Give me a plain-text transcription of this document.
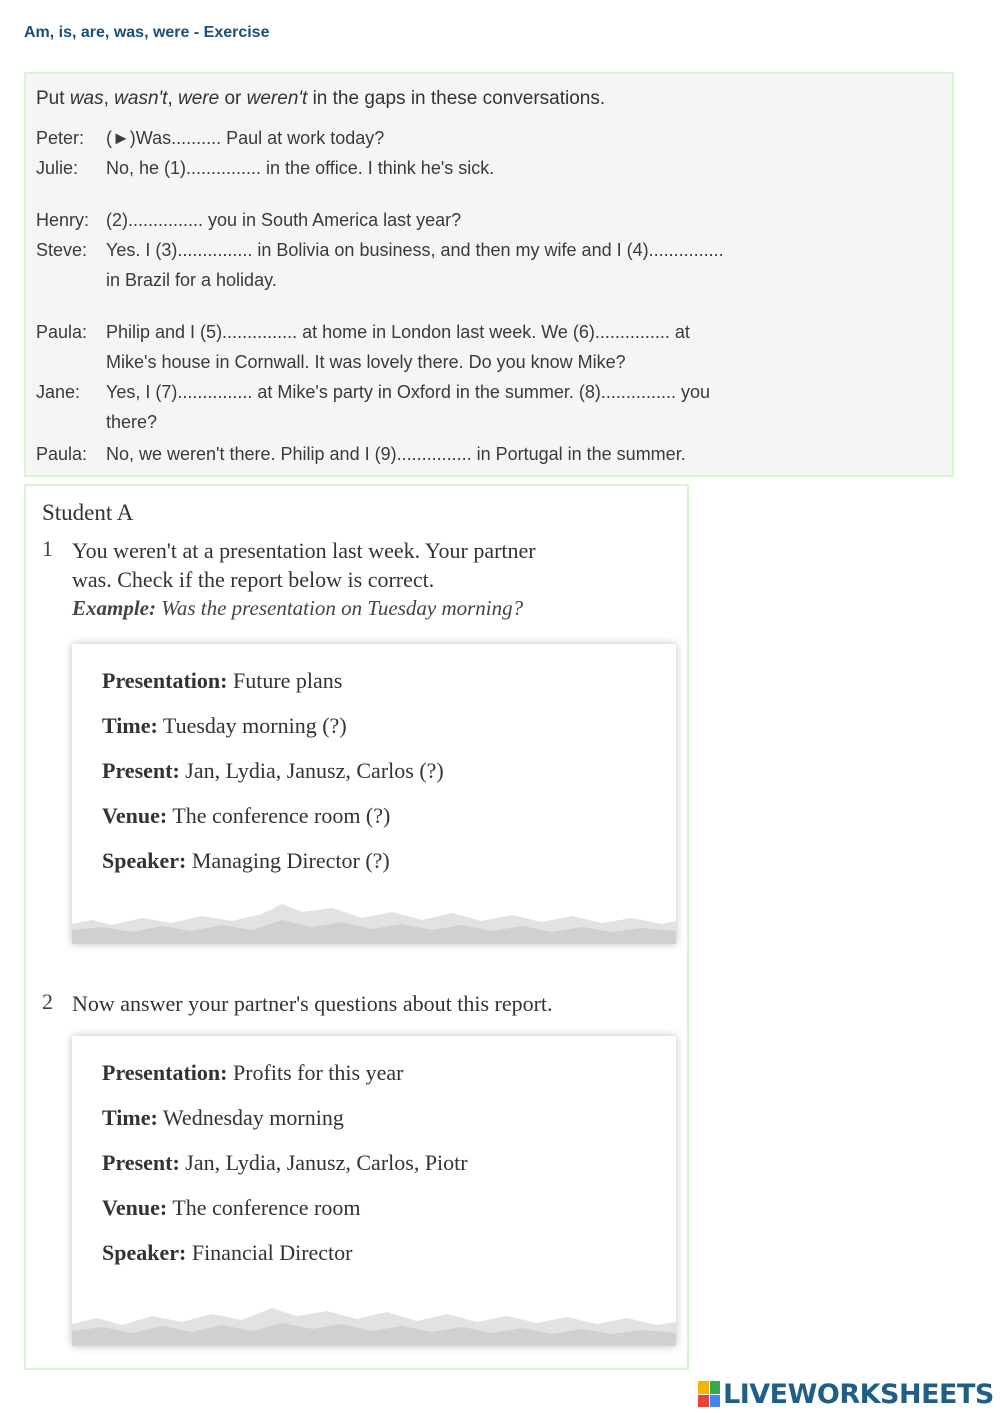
Am, is, are, was, were - Exercise
Put was, wasn't, were or weren't in the gaps in these conversations.
Peter: (►)Was.......... Paul at work today?
Julie: No, he (1)............... in the office. I think he's sick.
Henry: (2)............... you in South America last year?
Steve: Yes. I (3)............... in Bolivia on business, and then my wife and I (4)...............
in Brazil for a holiday.
Paula: Philip and I (5)............... at home in London last week. We (6)............... at
Mike's house in Cornwall. It was lovely there. Do you know Mike?
Jane: Yes, I (7)............... at Mike's party in Oxford in the summer. (8)............... you
there?
Paula: No, we weren't there. Philip and I (9)............... in Portugal in the summer.
Student A
1 You weren't at a presentation last week. Your partner
was. Check if the report below is correct.
Example: Was the presentation on Tuesday morning?
Presentation: Future plans
Time: Tuesday morning (?)
Present: Jan, Lydia, Janusz, Carlos (?)
Venue: The conference room (?)
Speaker: Managing Director (?)
2 Now answer your partner's questions about this report.
Presentation: Profits for this year
Time: Wednesday morning
Present: Jan, Lydia, Janusz, Carlos, Piotr
Venue: The conference room
Speaker: Financial Director
LIVEWORKSHEETS
